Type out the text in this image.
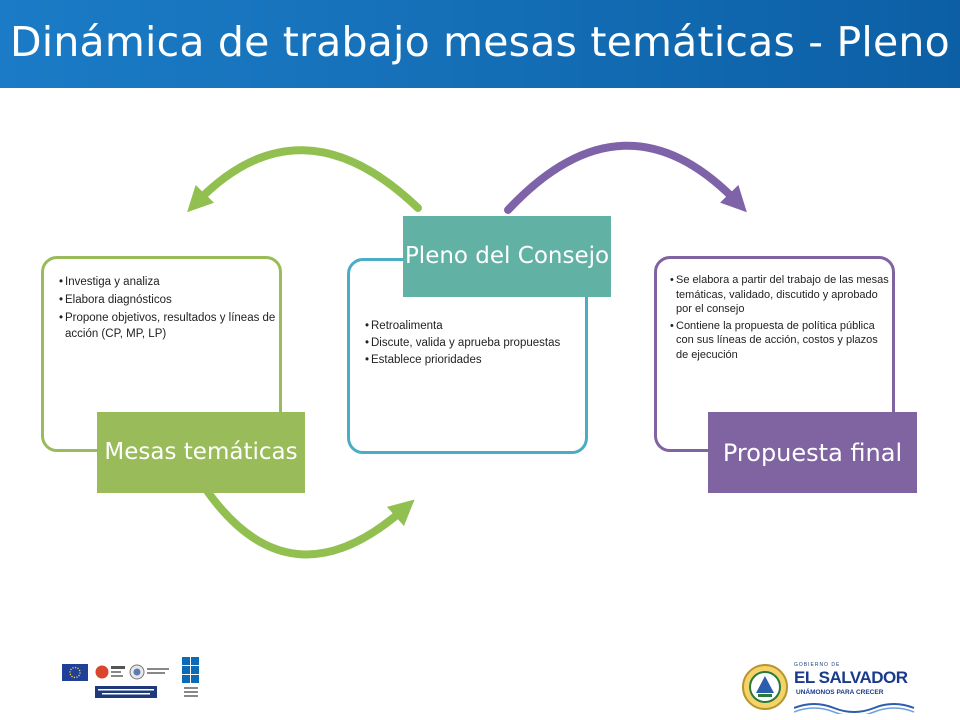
Dinámica de trabajo mesas temáticas - Pleno
• Investiga y analiza
• Elabora diagnósticos
• Propone objetivos, resultados y líneas de acción (CP, MP, LP)
Mesas temáticas
• Retroalimenta
• Discute, valida y aprueba propuestas
• Establece prioridades
Pleno del Consejo
• Se elabora a partir del trabajo de las mesas temáticas, validado, discutido y aprobado por el consejo
• Contiene la propuesta de política pública con sus líneas de acción, costos y plazos de ejecución
Propuesta final
GOBIERNO DE
EL SALVADOR
UNÁMONOS PARA CRECER
